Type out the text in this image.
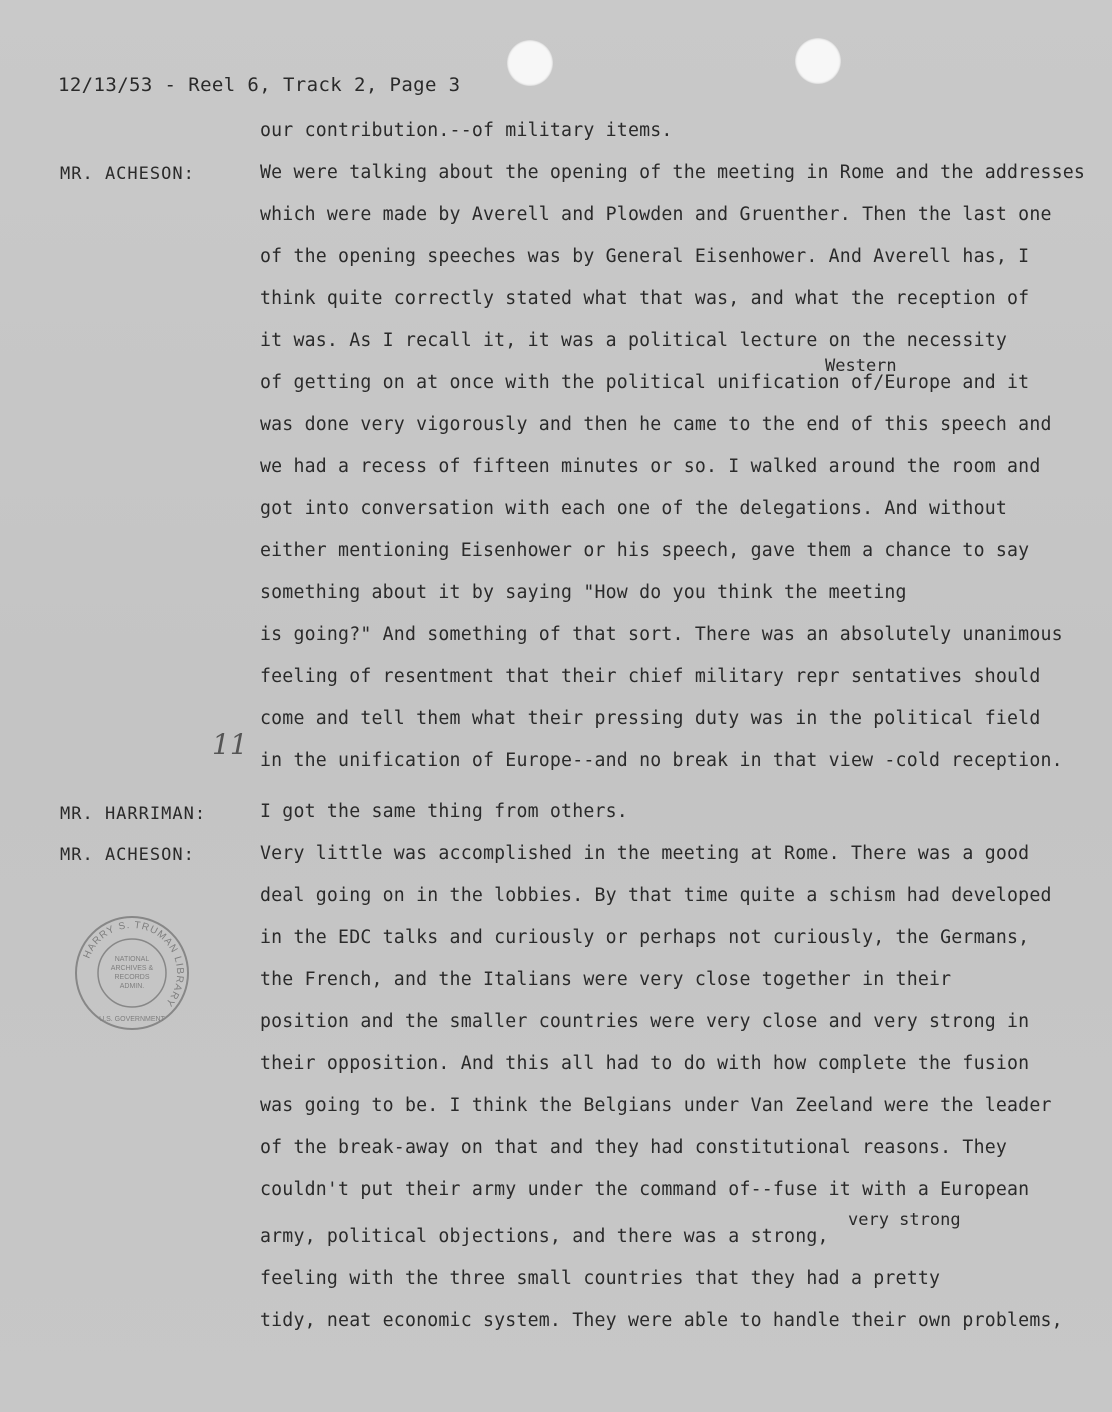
12/13/53 - Reel 6, Track 2, Page 3
MR. ACHESON:
MR. HARRIMAN:
MR. ACHESON:
Western
very strong
11
our contribution.--of military items.
We were talking about the opening of the meeting in Rome and the addresses
which were made by Averell and Plowden and Gruenther. Then the last one
of the opening speeches was by General Eisenhower. And Averell has, I
think quite correctly stated what that was, and what the reception of
it was. As I recall it, it was a political lecture on the necessity
of getting on at once with the political unification of/Europe and it
was done very vigorously and then he came to the end of this speech and
we had a recess of fifteen minutes or so. I walked around the room and
got into conversation with each one of the delegations. And without
either mentioning Eisenhower or his speech, gave them a chance to say
something about it by saying "How do you think the meeting
is going?" And something of that sort. There was an absolutely unanimous
feeling of resentment that their chief military repr sentatives should
come and tell them what their pressing duty was in the political field
in the unification of Europe--and no break in that view -cold reception.
I got the same thing from others.
Very little was accomplished in the meeting at Rome. There was a good
deal going on in the lobbies. By that time quite a schism had developed
in the EDC talks and curiously or perhaps not curiously, the Germans,
the French, and the Italians were very close together in their
position and the smaller countries were very close and very strong in
their opposition. And this all had to do with how complete the fusion
was going to be. I think the Belgians under Van Zeeland were the leader
of the break-away on that and they had constitutional reasons. They
couldn't put their army under the command of--fuse it with a European
army, political objections, and there was a strong,
feeling with the three small countries that they had a pretty
tidy, neat economic system. They were able to handle their own problems,
HARRY S. TRUMAN LIBRARY
NATIONAL
ARCHIVES &
RECORDS
ADMIN.
U.S. GOVERNMENT
